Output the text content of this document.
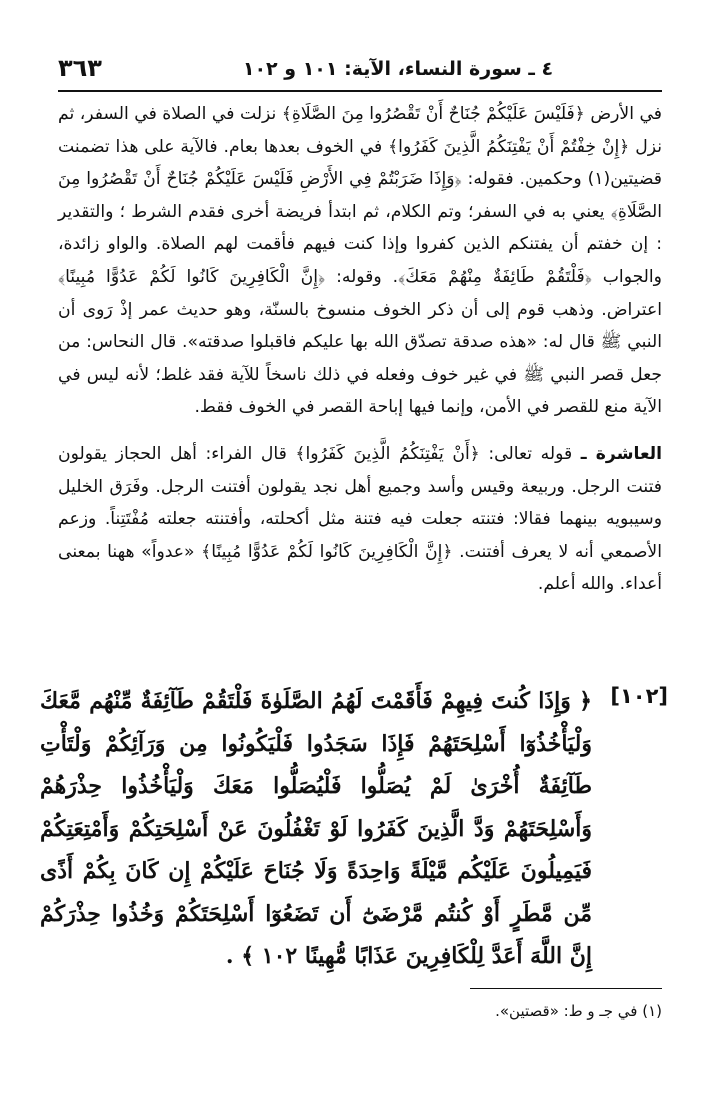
٣٦٣	٤ ـ سورة النساء، الآية: ١٠١ و ١٠٢

في الأرض ﴿فَلَيْسَ عَلَيْكُمْ جُنَاحٌ أَنْ تَقْصُرُوا مِنَ الصَّلَاةِ﴾ نزلت في الصلاة في السفر، ثم نزل ﴿إِنْ خِفْتُمْ أَنْ يَفْتِنَكُمُ الَّذِينَ كَفَرُوا﴾ في الخوف بعدها بعام. فالآية على هذا تضمنت قضيتين(١) وحكمين. فقوله: ﴿وَإِذَا ضَرَبْتُمْ فِي الأَرْضِ فَلَيْسَ عَلَيْكُمْ جُنَاحٌ أَنْ تَقْصُرُوا مِنَ الصَّلَاةِ﴾ يعني به في السفر؛ وتم الكلام، ثم ابتدأ فريضة أخرى فقدم الشرط ؛ والتقدير : إن خفتم أن يفتنكم الذين كفروا وإذا كنت فيهم فأقمت لهم الصلاة. والواو زائدة، والجواب ﴿فَلْتَقُمْ طَائِفَةٌ مِنْهُمْ مَعَكَ﴾. وقوله: ﴿إِنَّ الْكَافِرِينَ كَانُوا لَكُمْ عَدُوًّا مُبِينًا﴾ اعتراض. وذهب قوم إلى أن ذكر الخوف منسوخ بالسنّة، وهو حديث عمر إذْ رَوى أن النبي ﷺ قال له: «هذه صدقة تصدّق الله بها عليكم فاقبلوا صدقته». قال النحاس: من جعل قصر النبي ﷺ في غير خوف وفعله في ذلك ناسخاً للآية فقد غلط؛ لأنه ليس في الآية منع للقصر في الأمن، وإنما فيها إباحة القصر في الخوف فقط.

العاشرة ـ قوله تعالى: ﴿أَنْ يَفْتِنَكُمُ الَّذِينَ كَفَرُوا﴾ قال الفراء: أهل الحجاز يقولون فتنت الرجل. وربيعة وقيس وأسد وجميع أهل نجد يقولون أفتنت الرجل. وفَرَق الخليل وسيبويه بينهما فقالا: فتنته جعلت فيه فتنة مثل أكحلته، وأفتنته جعلته مُفْتَتِناً. وزعم الأصمعي أنه لا يعرف أفتنت. ﴿إِنَّ الْكَافِرِينَ كَانُوا لَكُمْ عَدُوًّا مُبِينًا﴾ «عدواً» ههنا بمعنى أعداء. والله أعلم.

[١٠٢]

﴿ وَإِذَا كُنتَ فِيهِمْ فَأَقَمْتَ لَهُمُ الصَّلَوٰةَ فَلْتَقُمْ طَآئِفَةٌ مِّنْهُم مَّعَكَ وَلْيَأْخُذُوٓا أَسْلِحَتَهُمْ فَإِذَا سَجَدُوا فَلْيَكُونُوا مِن وَرَآئِكُمْ وَلْتَأْتِ طَآئِفَةٌ أُخْرَىٰ لَمْ يُصَلُّوا فَلْيُصَلُّوا مَعَكَ وَلْيَأْخُذُوا حِذْرَهُمْ وَأَسْلِحَتَهُمْ وَدَّ الَّذِينَ كَفَرُوا لَوْ تَغْفُلُونَ عَنْ أَسْلِحَتِكُمْ وَأَمْتِعَتِكُمْ فَيَمِيلُونَ عَلَيْكُم مَّيْلَةً وَاحِدَةً وَلَا جُنَاحَ عَلَيْكُمْ إِن كَانَ بِكُمْ أَذًى مِّن مَّطَرٍ أَوْ كُنتُم مَّرْضَىٰٓ أَن تَضَعُوٓا أَسْلِحَتَكُمْ وَخُذُوا حِذْرَكُمْ إِنَّ اللَّهَ أَعَدَّ لِلْكَافِرِينَ عَذَابًا مُّهِينًا ١٠٢ ﴾ .

(١) في جـ و ط: «قصتين».
